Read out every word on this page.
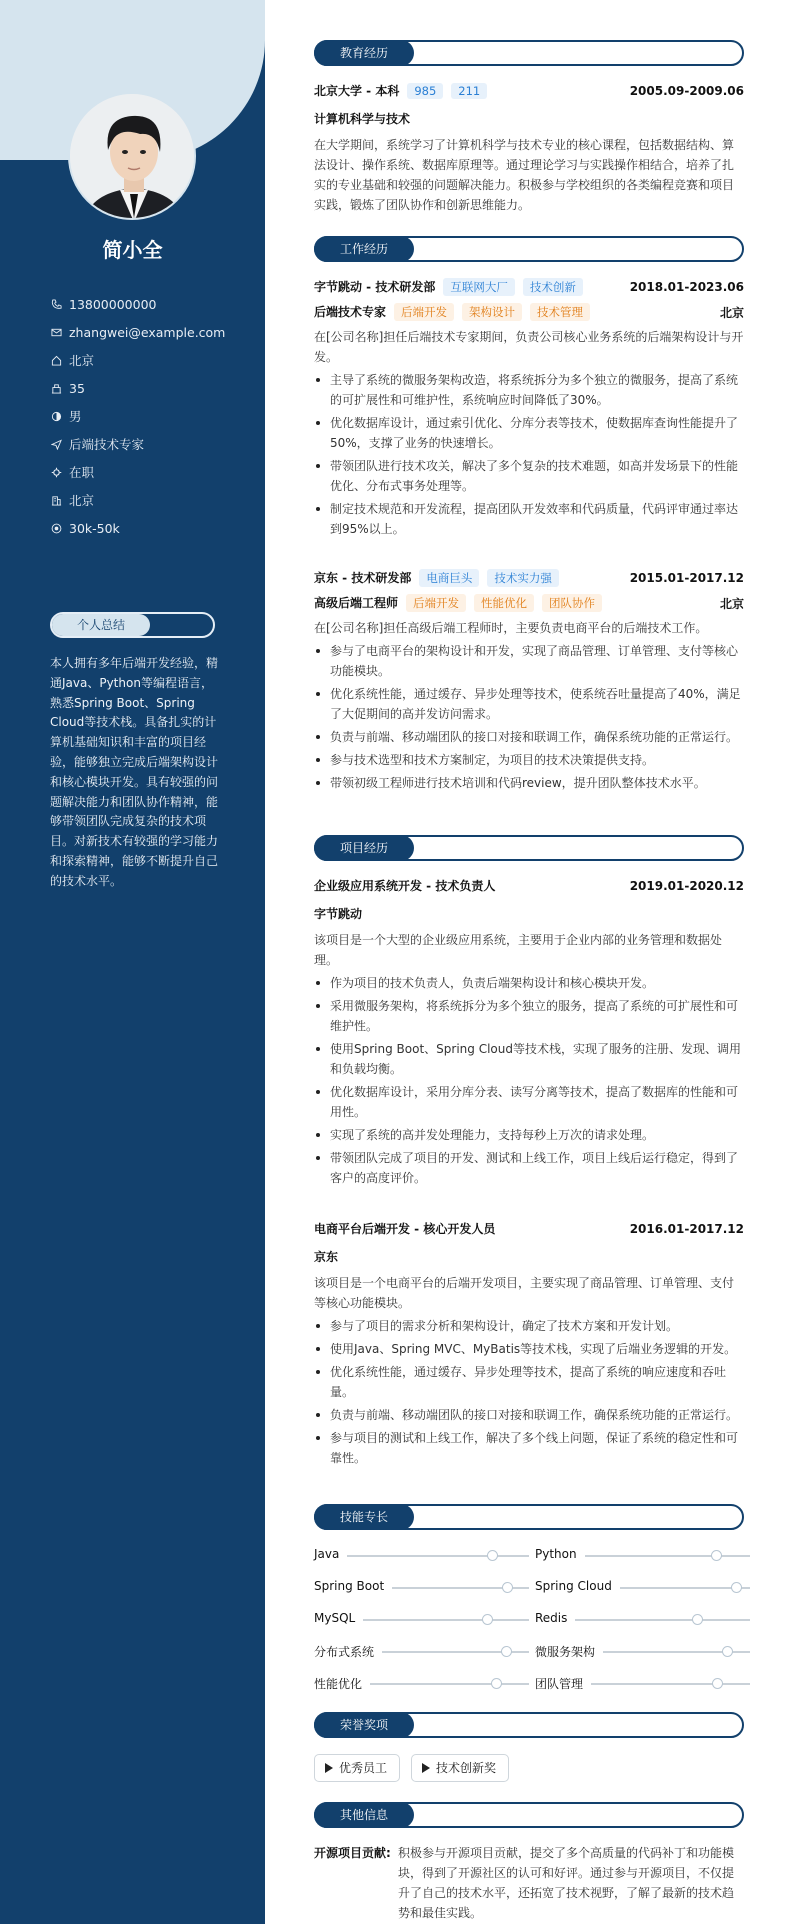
简小全
13800000000
zhangwei@example.com
北京
35
男
后端技术专家
在职
北京
30k-50k
个人总结
本人拥有多年后端开发经验，精通Java、Python等编程语言，熟悉Spring Boot、Spring Cloud等技术栈。具备扎实的计算机基础知识和丰富的项目经验，能够独立完成后端架构设计和核心模块开发。具有较强的问题解决能力和团队协作精神，能够带领团队完成复杂的技术项目。对新技术有较强的学习能力和探索精神，能够不断提升自己的技术水平。
教育经历
北京大学 - 本科 985 211	2005.09-2009.06
计算机科学与技术
在大学期间，系统学习了计算机科学与技术专业的核心课程，包括数据结构、算法设计、操作系统、数据库原理等。通过理论学习与实践操作相结合，培养了扎实的专业基础和较强的问题解决能力。积极参与学校组织的各类编程竞赛和项目实践，锻炼了团队协作和创新思维能力。
工作经历
字节跳动 - 技术研发部 互联网大厂 技术创新	2018.01-2023.06
后端技术专家 后端开发 架构设计 技术管理	北京
在[公司名称]担任后端技术专家期间，负责公司核心业务系统的后端架构设计与开发。
主导了系统的微服务架构改造，将系统拆分为多个独立的微服务，提高了系统的可扩展性和可维护性，系统响应时间降低了30%。
优化数据库设计，通过索引优化、分库分表等技术，使数据库查询性能提升了50%，支撑了业务的快速增长。
带领团队进行技术攻关，解决了多个复杂的技术难题，如高并发场景下的性能优化、分布式事务处理等。
制定技术规范和开发流程，提高团队开发效率和代码质量，代码评审通过率达到95%以上。
京东 - 技术研发部 电商巨头 技术实力强	2015.01-2017.12
高级后端工程师 后端开发 性能优化 团队协作	北京
在[公司名称]担任高级后端工程师时，主要负责电商平台的后端技术工作。
参与了电商平台的架构设计和开发，实现了商品管理、订单管理、支付等核心功能模块。
优化系统性能，通过缓存、异步处理等技术，使系统吞吐量提高了40%，满足了大促期间的高并发访问需求。
负责与前端、移动端团队的接口对接和联调工作，确保系统功能的正常运行。
参与技术选型和技术方案制定，为项目的技术决策提供支持。
带领初级工程师进行技术培训和代码review，提升团队整体技术水平。
项目经历
企业级应用系统开发 - 技术负责人	2019.01-2020.12
字节跳动
该项目是一个大型的企业级应用系统，主要用于企业内部的业务管理和数据处理。
作为项目的技术负责人，负责后端架构设计和核心模块开发。
采用微服务架构，将系统拆分为多个独立的服务，提高了系统的可扩展性和可维护性。
使用Spring Boot、Spring Cloud等技术栈，实现了服务的注册、发现、调用和负载均衡。
优化数据库设计，采用分库分表、读写分离等技术，提高了数据库的性能和可用性。
实现了系统的高并发处理能力，支持每秒上万次的请求处理。
带领团队完成了项目的开发、测试和上线工作，项目上线后运行稳定，得到了客户的高度评价。
电商平台后端开发 - 核心开发人员	2016.01-2017.12
京东
该项目是一个电商平台的后端开发项目，主要实现了商品管理、订单管理、支付等核心功能模块。
参与了项目的需求分析和架构设计，确定了技术方案和开发计划。
使用Java、Spring MVC、MyBatis等技术栈，实现了后端业务逻辑的开发。
优化系统性能，通过缓存、异步处理等技术，提高了系统的响应速度和吞吐量。
负责与前端、移动端团队的接口对接和联调工作，确保系统功能的正常运行。
参与项目的测试和上线工作，解决了多个线上问题，保证了系统的稳定性和可靠性。
技能专长
Java	Python
Spring Boot	Spring Cloud
MySQL	Redis
分布式系统	微服务架构
性能优化	团队管理
荣誉奖项
优秀员工	技术创新奖
其他信息
开源项目贡献: 积极参与开源项目贡献，提交了多个高质量的代码补丁和功能模块，得到了开源社区的认可和好评。通过参与开源项目，不仅提升了自己的技术水平，还拓宽了技术视野，了解了最新的技术趋势和最佳实践。
